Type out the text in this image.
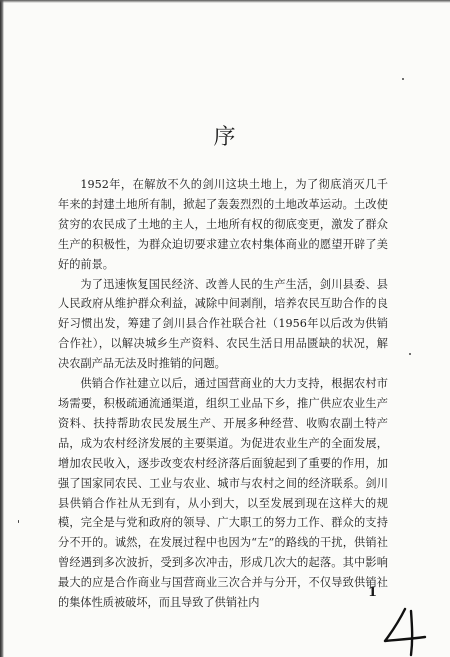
序

1952年，在解放不久的剑川这块土地上，为了彻底消灭几千年来的封建土地所有制，掀起了轰轰烈烈的土地改革运动。土改使贫穷的农民成了土地的主人，土地所有权的彻底变更，激发了群众生产的积极性，为群众迫切要求建立农村集体商业的愿望开辟了美好的前景。

为了迅速恢复国民经济、改善人民的生产生活，剑川县委、县人民政府从维护群众利益，减除中间剥削，培养农民互助合作的良好习惯出发，筹建了剑川县合作社联合社（1956年以后改为供销合作社），以解决城乡生产资料、农民生活日用品匮缺的状况，解决农副产品无法及时推销的问题。

供销合作社建立以后，通过国营商业的大力支持，根据农村市场需要，积极疏通流通渠道，组织工业品下乡，推广供应农业生产资料、扶持帮助农民发展生产、开展多种经营、收购农副土特产品，成为农村经济发展的主要渠道。为促进农业生产的全面发展，增加农民收入，逐步改变农村经济落后面貌起到了重要的作用，加强了国家同农民、工业与农业、城市与农村之间的经济联系。剑川县供销合作社从无到有，从小到大，以至发展到现在这样大的规模，完全是与党和政府的领导、广大职工的努力工作、群众的支持分不开的。诚然，在发展过程中也因为“左”的路线的干扰，供销社曾经遇到多次波折，受到多次冲击，形成几次大的起落。其中影响最大的应是合作商业与国营商业三次合并与分开，不仅导致供销社的集体性质被破坏，而且导致了供销社内

1
